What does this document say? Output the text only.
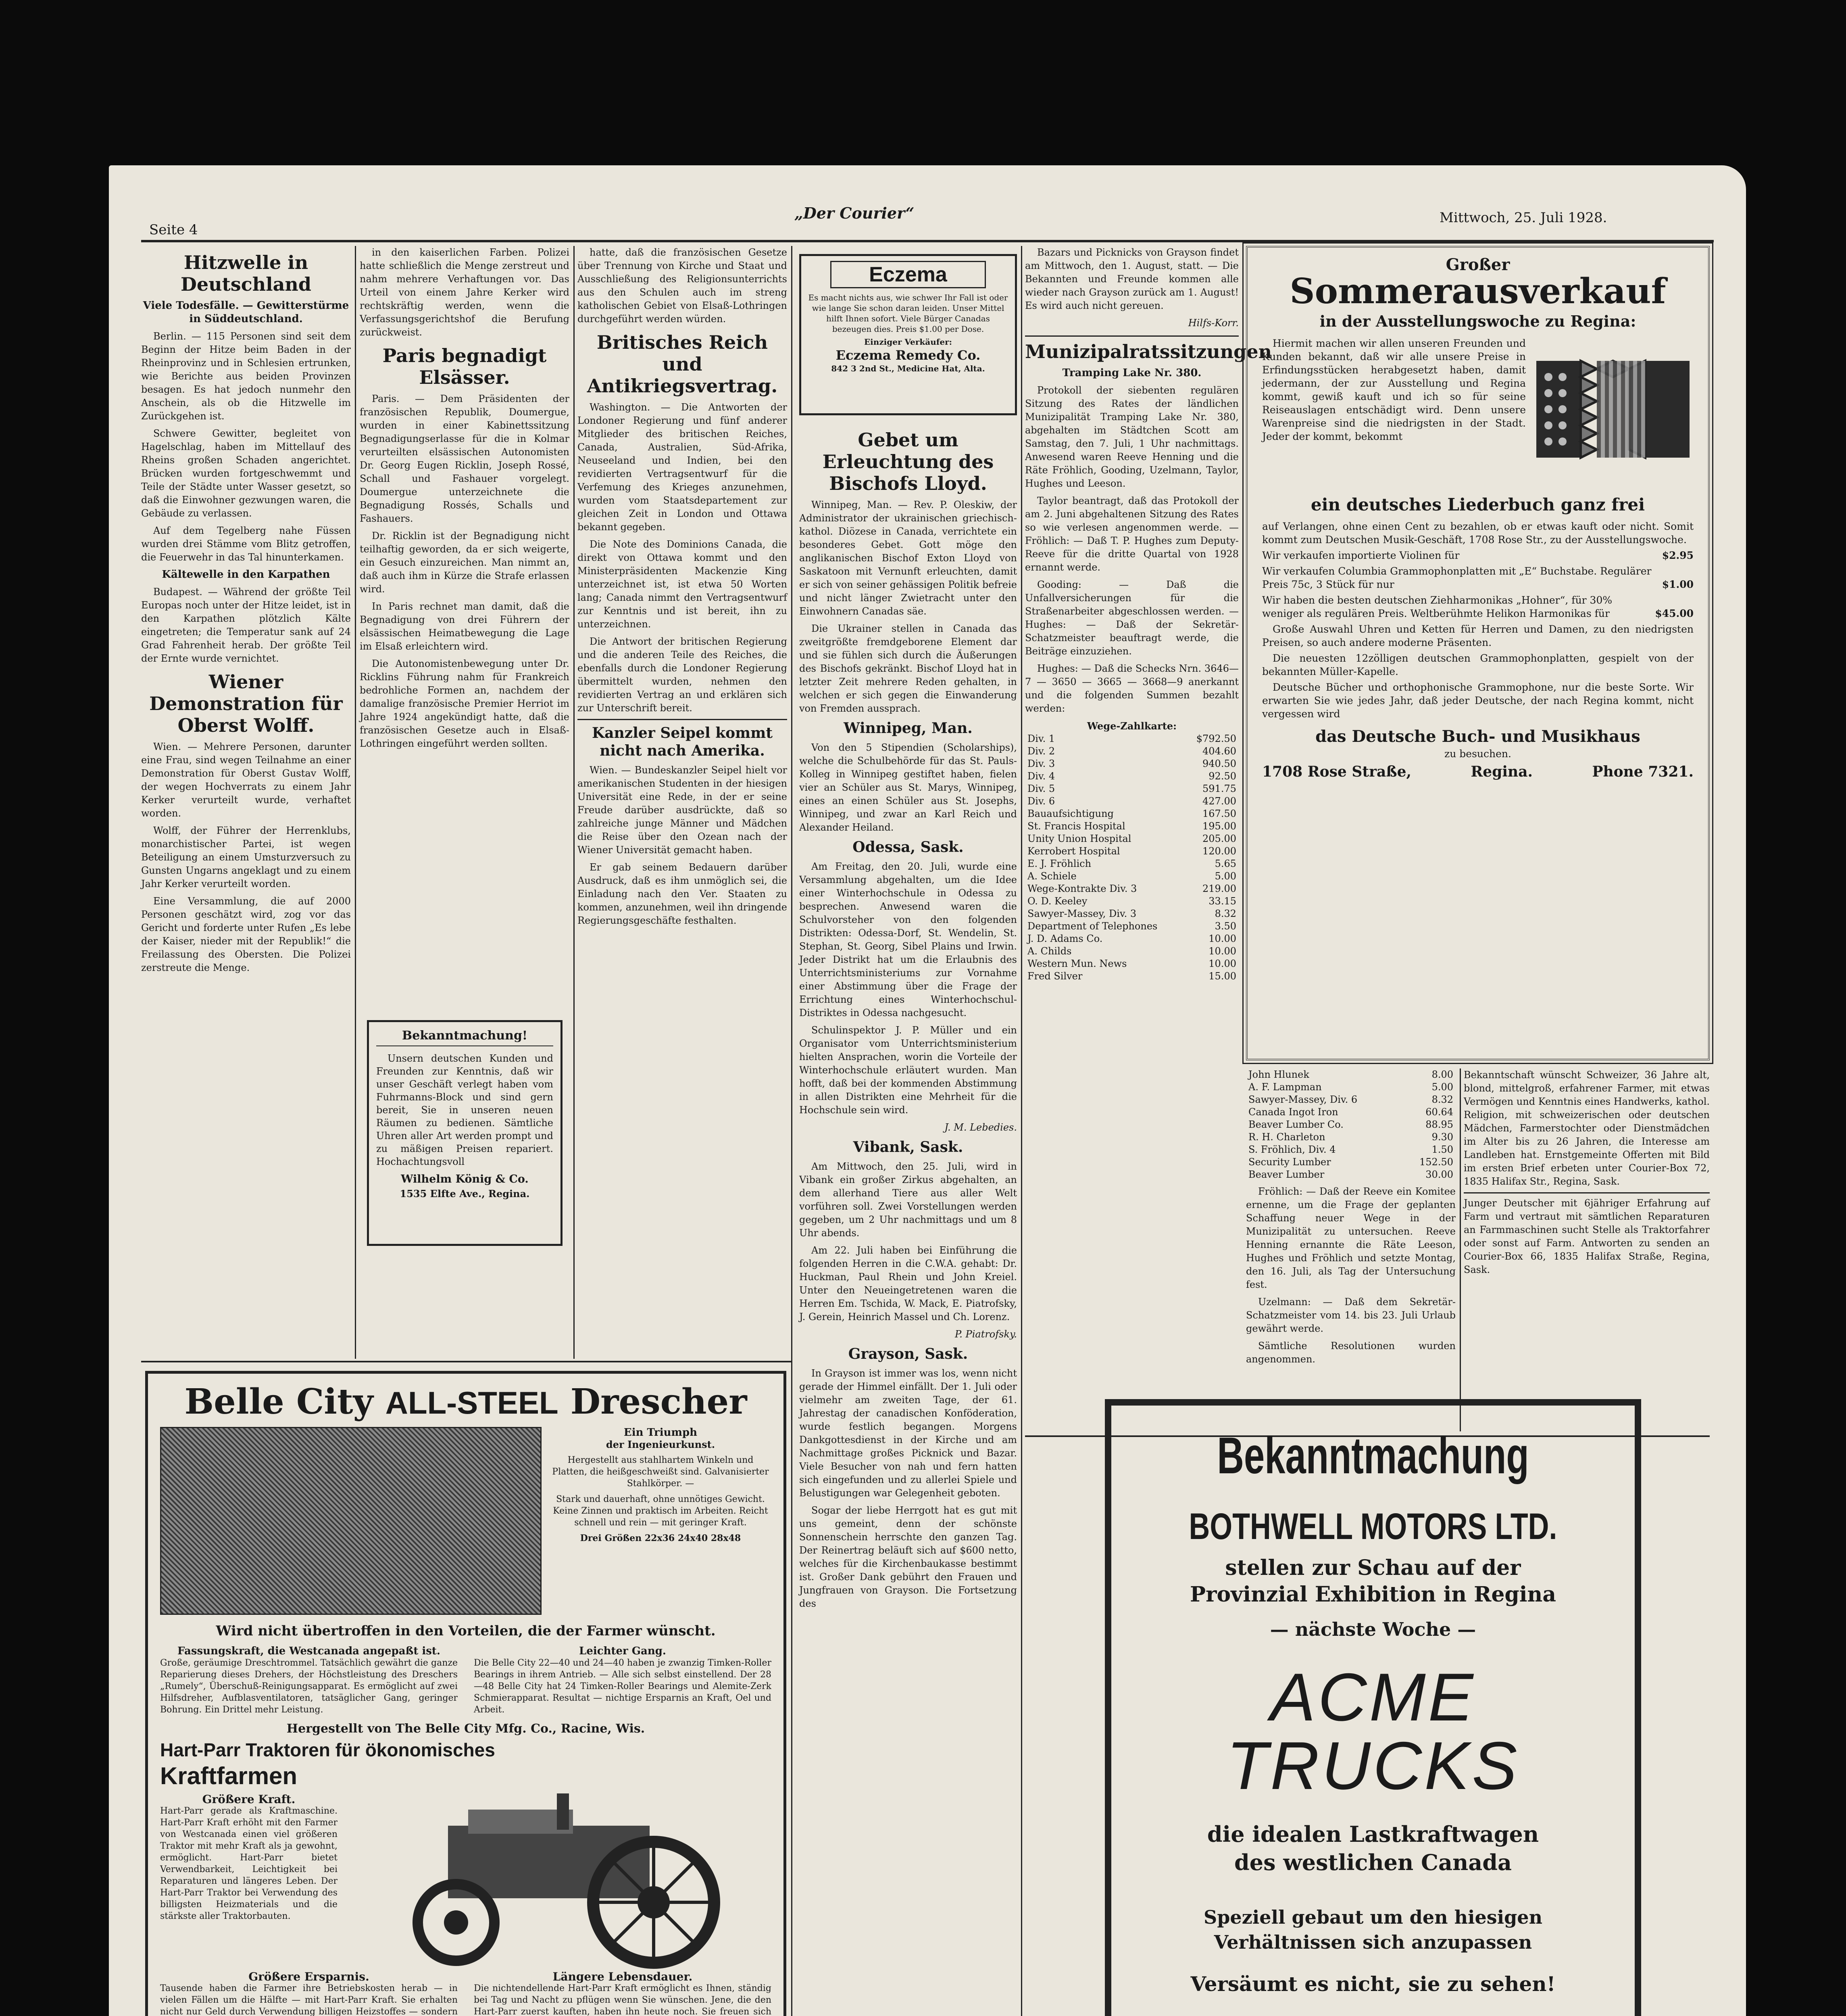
Seite 4
„Der Courier“	Mittwoch, 25. Juli 1928.
Hitzwelle in Deutschland
Viele Todesfälle. — Gewitterstürme in Süddeutschland.

Berlin. — 115 Personen sind seit dem Beginn der Hitze beim Baden in der Rheinprovinz und in Schlesien ertrunken, wie Berichte aus beiden Provinzen besagen. Es hat jedoch nunmehr den Anschein, als ob die Hitzwelle im Zurückgehen ist.

Schwere Gewitter, begleitet von Hagelschlag, haben im Mittellauf des Rheins großen Schaden angerichtet. Brücken wurden fortgeschwemmt und Teile der Städte unter Wasser gesetzt, so daß die Einwohner gezwungen waren, die Gebäude zu verlassen.

Auf dem Tegelberg nahe Füssen wurden drei Stämme vom Blitz getroffen, die Feuerwehr in das Tal hinunterkamen.

Kältewelle in den Karpathen

Budapest. — Während der größte Teil Europas noch unter der Hitze leidet, ist in den Karpathen plötzlich Kälte eingetreten; die Temperatur sank auf 24 Grad Fahrenheit herab. Der größte Teil der Ernte wurde vernichtet.

Wiener Demonstration für Oberst Wolff.

Wien. — Mehrere Personen, darunter eine Frau, sind wegen Teilnahme an einer Demonstration für Oberst Gustav Wolff, der wegen Hochverrats zu einem Jahr Kerker verurteilt wurde, verhaftet worden.

Wolff, der Führer der Herrenklubs, monarchistischer Partei, ist wegen Beteiligung an einem Umsturzversuch zu Gunsten Ungarns angeklagt und zu einem Jahr Kerker verurteilt worden.

Eine Versammlung, die auf 2000 Personen geschätzt wird, zog vor das Gericht und forderte unter Rufen „Es lebe der Kaiser, nieder mit der Republik!“ die Freilassung des Obersten. Die Polizei zerstreute die Menge.

in den kaiserlichen Farben. Polizei hatte schließlich die Menge zerstreut und nahm mehrere Verhaftungen vor. Das Urteil von einem Jahre Kerker wird rechtskräftig werden, wenn die Verfassungsgerichtshof die Berufung zurückweist.

Paris begnadigt Elsässer.

Paris. — Dem Präsidenten der französischen Republik, Doumergue, wurden in einer Kabinettssitzung Begnadigungserlasse für die in Kolmar verurteilten elsässischen Autonomisten Dr. Georg Eugen Ricklin, Joseph Rossé, Schall und Fashauer vorgelegt. Doumergue unterzeichnete die Begnadigung Rossés, Schalls und Fashauers.

Dr. Ricklin ist der Begnadigung nicht teilhaftig geworden, da er sich weigerte, ein Gesuch einzureichen. Man nimmt an, daß auch ihm in Kürze die Strafe erlassen wird.

In Paris rechnet man damit, daß die Begnadigung von drei Führern der elsässischen Heimatbewegung die Lage im Elsaß erleichtern wird.

Die Autonomistenbewegung unter Dr. Ricklins Führung nahm für Frankreich bedrohliche Formen an, nachdem der damalige französische Premier Herriot im Jahre 1924 angekündigt hatte, daß die französischen Gesetze auch in Elsaß-Lothringen eingeführt werden sollten.

Bekanntmachung!
Unsern deutschen Kunden und Freunden zur Kenntnis, daß wir unser Geschäft verlegt haben vom Fuhrmanns-Block und sind gern bereit, Sie in unseren neuen Räumen zu bedienen. Sämtliche Uhren aller Art werden prompt und zu mäßigen Preisen repariert. Hochachtungsvoll
Wilhelm König & Co.
1535 Elfte Ave., Regina.

hatte, daß die französischen Gesetze über Trennung von Kirche und Staat und Ausschließung des Religionsunterrichts aus den Schulen auch im streng katholischen Gebiet von Elsaß-Lothringen durchgeführt werden würden.

Britisches Reich und Antikriegsvertrag.

Washington. — Die Antworten der Londoner Regierung und fünf anderer Mitglieder des britischen Reiches, Canada, Australien, Süd-Afrika, Neuseeland und Indien, bei den revidierten Vertragsentwurf für die Verfemung des Krieges anzunehmen, wurden vom Staatsdepartement zur gleichen Zeit in London und Ottawa bekannt gegeben.

Die Note des Dominions Canada, die direkt von Ottawa kommt und den Ministerpräsidenten Mackenzie King unterzeichnet ist, ist etwa 50 Worten lang; Canada nimmt den Vertragsentwurf zur Kenntnis und ist bereit, ihn zu unterzeichnen.

Die Antwort der britischen Regierung und die anderen Teile des Reiches, die ebenfalls durch die Londoner Regierung übermittelt wurden, nehmen den revidierten Vertrag an und erklären sich zur Unterschrift bereit.

Kanzler Seipel kommt nicht nach Amerika.

Wien. — Bundeskanzler Seipel hielt vor amerikanischen Studenten in der hiesigen Universität eine Rede, in der er seine Freude darüber ausdrückte, daß so zahlreiche junge Männer und Mädchen die Reise über den Ozean nach der Wiener Universität gemacht haben.

Er gab seinem Bedauern darüber Ausdruck, daß es ihm unmöglich sei, die Einladung nach den Ver. Staaten zu kommen, anzunehmen, weil ihn dringende Regierungsgeschäfte festhalten.

Eczema
Es macht nichts aus, wie schwer Ihr Fall ist oder wie lange Sie schon daran leiden. Unser Mittel hilft Ihnen sofort. Viele Bürger Canadas bezeugen dies. Preis $1.00 per Dose.
Einziger Verkäufer:
Eczema Remedy Co.
842 3 2nd St., Medicine Hat, Alta.
Gebet um Erleuchtung des Bischofs Lloyd.

Winnipeg, Man. — Rev. P. Oleskiw, der Administrator der ukrainischen griechisch-kathol. Diözese in Canada, verrichtete ein besonderes Gebet. Gott möge den anglikanischen Bischof Exton Lloyd von Saskatoon mit Vernunft erleuchten, damit er sich von seiner gehässigen Politik befreie und nicht länger Zwietracht unter den Einwohnern Canadas säe.

Die Ukrainer stellen in Canada das zweitgrößte fremdgeborene Element dar und sie fühlen sich durch die Äußerungen des Bischofs gekränkt. Bischof Lloyd hat in letzter Zeit mehrere Reden gehalten, in welchen er sich gegen die Einwanderung von Fremden aussprach.

Winnipeg, Man.

Von den 5 Stipendien (Scholarships), welche die Schulbehörde für das St. Pauls-Kolleg in Winnipeg gestiftet haben, fielen vier an Schüler aus St. Marys, Winnipeg, eines an einen Schüler aus St. Josephs, Winnipeg, und zwar an Karl Reich und Alexander Heiland.

Odessa, Sask.

Am Freitag, den 20. Juli, wurde eine Versammlung abgehalten, um die Idee einer Winterhochschule in Odessa zu besprechen. Anwesend waren die Schulvorsteher von den folgenden Distrikten: Odessa-Dorf, St. Wendelin, St. Stephan, St. Georg, Sibel Plains und Irwin. Jeder Distrikt hat um die Erlaubnis des Unterrichtsministeriums zur Vornahme einer Abstimmung über die Frage der Errichtung eines Winterhochschul-Distriktes in Odessa nachgesucht.

Schulinspektor J. P. Müller und ein Organisator vom Unterrichtsministerium hielten Ansprachen, worin die Vorteile der Winterhochschule erläutert wurden. Man hofft, daß bei der kommenden Abstimmung in allen Distrikten eine Mehrheit für die Hochschule sein wird.

J. M. Lebedies.
Vibank, Sask.

Am Mittwoch, den 25. Juli, wird in Vibank ein großer Zirkus abgehalten, an dem allerhand Tiere aus aller Welt vorführen soll. Zwei Vorstellungen werden gegeben, um 2 Uhr nachmittags und um 8 Uhr abends.

Am 22. Juli haben bei Einführung die folgenden Herren in die C.W.A. gehabt: Dr. Huckman, Paul Rhein und John Kreiel. Unter den Neueingetretenen waren die Herren Em. Tschida, W. Mack, E. Piatrofsky, J. Gerein, Heinrich Massel und Ch. Lorenz.

P. Piatrofsky.
Grayson, Sask.

In Grayson ist immer was los, wenn nicht gerade der Himmel einfällt. Der 1. Juli oder vielmehr am zweiten Tage, der 61. Jahrestag der canadischen Konföderation, wurde festlich begangen. Morgens Dankgottesdienst in der Kirche und am Nachmittage großes Picknick und Bazar. Viele Besucher von nah und fern hatten sich eingefunden und zu allerlei Spiele und Belustigungen war Gelegenheit geboten.

Sogar der liebe Herrgott hat es gut mit uns gemeint, denn der schönste Sonnenschein herrschte den ganzen Tag. Der Reinertrag beläuft sich auf $600 netto, welches für die Kirchenbaukasse bestimmt ist. Großer Dank gebührt den Frauen und Jungfrauen von Grayson. Die Fortsetzung des

Bazars und Picknicks von Grayson findet am Mittwoch, den 1. August, statt. — Die Bekannten und Freunde kommen alle wieder nach Grayson zurück am 1. August! Es wird auch nicht gereuen.

Hilfs-Korr.
Munizipalratssitzungen
Tramping Lake Nr. 380.

Protokoll der siebenten regulären Sitzung des Rates der ländlichen Munizipalität Tramping Lake Nr. 380, abgehalten im Städtchen Scott am Samstag, den 7. Juli, 1 Uhr nachmittags. Anwesend waren Reeve Henning und die Räte Fröhlich, Gooding, Uzelmann, Taylor, Hughes und Leeson.

Taylor beantragt, daß das Protokoll der am 2. Juni abgehaltenen Sitzung des Rates so wie verlesen angenommen werde. — Fröhlich: — Daß T. P. Hughes zum Deputy-Reeve für die dritte Quartal von 1928 ernannt werde.

Gooding: — Daß die Unfallversicherungen für die Straßenarbeiter abgeschlossen werden. — Hughes: — Daß der Sekretär-Schatzmeister beauftragt werde, die Beiträge einzuziehen.

Hughes: — Daß die Schecks Nrn. 3646—7 — 3650 — 3665 — 3668—9 anerkannt und die folgenden Summen bezahlt werden:

Wege-Zahlkarte:
Div. 1	$792.50
Div. 2	404.60
Div. 3	940.50
Div. 4	92.50
Div. 5	591.75
Div. 6	427.00
Bauaufsichtigung	167.50
St. Francis Hospital	195.00
Unity Union Hospital	205.00
Kerrobert Hospital	120.00
E. J. Fröhlich	5.65
A. Schiele	5.00
Wege-Kontrakte Div. 3	219.00
O. D. Keeley	33.15
Sawyer-Massey, Div. 3	8.32
Department of Telephones	3.50
J. D. Adams Co.	10.00
A. Childs	10.00
Western Mun. News	10.00
Fred Silver	15.00
Großer
Sommerausverkauf
in der Ausstellungswoche zu Regina:
Hiermit machen wir allen unseren Freunden und Kunden bekannt, daß wir alle unsere Preise in Erfindungsstücken herabgesetzt haben, damit jedermann, der zur Ausstellung und Regina kommt, gewiß kauft und ich so für seine Reiseauslagen entschädigt wird. Denn unsere Warenpreise sind die niedrigsten in der Stadt. Jeder der kommt, bekommt
ein deutsches Liederbuch ganz frei
auf Verlangen, ohne einen Cent zu bezahlen, ob er etwas kauft oder nicht. Somit kommt zum Deutschen Musik-Geschäft, 1708 Rose Str., zu der Ausstellungswoche.
Wir verkaufen importierte Violinen für	$2.95
Wir verkaufen Columbia Grammophonplatten mit „E“ Buchstabe. Regulärer Preis 75c, 3 Stück für nur	$1.00
Wir haben die besten deutschen Ziehharmonikas „Hohner“, für 30% weniger als regulären Preis. Weltberühmte Helikon Harmonikas für	$45.00
Große Auswahl Uhren und Ketten für Herren und Damen, zu den niedrigsten Preisen, so auch andere moderne Präsenten.
Die neuesten 12zölligen deutschen Grammophonplatten, gespielt von der bekannten Müller-Kapelle.
Deutsche Bücher und orthophonische Grammophone, nur die beste Sorte. Wir erwarten Sie wie jedes Jahr, daß jeder Deutsche, der nach Regina kommt, nicht vergessen wird
das Deutsche Buch- und Musikhaus
zu besuchen.
1708 Rose Straße,	Regina.	Phone 7321.
John Hlunek	8.00
A. F. Lampman	5.00
Sawyer-Massey, Div. 6	8.32
Canada Ingot Iron	60.64
Beaver Lumber Co.	88.95
R. H. Charleton	9.30
S. Fröhlich, Div. 4	1.50
Security Lumber	152.50
Beaver Lumber	30.00

Fröhlich: — Daß der Reeve ein Komitee ernenne, um die Frage der geplanten Schaffung neuer Wege in der Munizipalität zu untersuchen. Reeve Henning ernannte die Räte Leeson, Hughes und Fröhlich und setzte Montag, den 16. Juli, als Tag der Untersuchung fest.

Uzelmann: — Daß dem Sekretär-Schatzmeister vom 14. bis 23. Juli Urlaub gewährt werde.

Sämtliche Resolutionen wurden angenommen.

Bekanntschaft wünscht Schweizer, 36 Jahre alt, blond, mittelgroß, erfahrener Farmer, mit etwas Vermögen und Kenntnis eines Handwerks, kathol. Religion, mit schweizerischen oder deutschen Mädchen, Farmerstochter oder Dienstmädchen im Alter bis zu 26 Jahren, die Interesse am Landleben hat. Ernstgemeinte Offerten mit Bild im ersten Brief erbeten unter Courier-Box 72, 1835 Halifax Str., Regina, Sask.

Junger Deutscher mit 6jähriger Erfahrung auf Farm und vertraut mit sämtlichen Reparaturen an Farmmaschinen sucht Stelle als Traktorfahrer oder sonst auf Farm. Antworten zu senden an Courier-Box 66, 1835 Halifax Straße, Regina, Sask.

Belle City ALL-STEEL Drescher
Ein Triumph
der Ingenieurkunst.
Hergestellt aus stahlhartem Winkeln und Platten, die heißgeschweißt sind. Galvanisierter Stahlkörper. —
Stark und dauerhaft, ohne unnötiges Gewicht. Keine Zinnen und praktisch im Arbeiten. Reicht schnell und rein — mit geringer Kraft.
Drei Größen 22x36 24x40 28x48
Wird nicht übertroffen in den Vorteilen, die der Farmer wünscht.
Fassungskraft, die Westcanada angepaßt ist.
Große, geräumige Dreschtrommel. Tatsächlich gewährt die ganze Reparierung dieses Drehers, der Höchstleistung des Dreschers „Rumely“, Überschuß-Reinigungsapparat. Es ermöglicht auf zwei Hilfsdreher, Aufblasventilatoren, tatsäglicher Gang, geringer Bohrung. Ein Drittel mehr Leistung.
Leichter Gang.
Die Belle City 22—40 und 24—40 haben je zwanzig Timken-Roller Bearings in ihrem Antrieb. — Alle sich selbst einstellend. Der 28—48 Belle City hat 24 Timken-Roller Bearings und Alemite-Zerk Schmierapparat. Resultat — nichtige Ersparnis an Kraft, Oel und Arbeit.
Hergestellt von The Belle City Mfg. Co., Racine, Wis.
Hart-Parr Traktoren für ökonomisches
Kraftfarmen
Größere Kraft.
Hart-Parr gerade als Kraftmaschine. Hart-Parr Kraft erhöht mit den Farmer von Westcanada einen viel größeren Traktor mit mehr Kraft als ja gewohnt, ermöglicht. Hart-Parr bietet Verwendbarkeit, Leichtigkeit bei Reparaturen und längeres Leben. Der Hart-Parr Traktor bei Verwendung des billigsten Heizmaterials und die stärkste aller Traktorbauten.
Größere Ersparnis.
Tausende haben die Farmer ihre Betriebskosten herab — in vielen Fällen um die Hälfte — mit Hart-Parr Kraft. Sie erhalten nicht nur Geld durch Verwendung billigen Heizstoffes — sondern
Längere Lebensdauer.
Die nichtendellende Hart-Parr Kraft ermöglicht es Ihnen, ständig bei Tag und Nacht zu pflügen wenn Sie wünschen. Jene, die den Hart-Parr zuerst kauften, haben ihn heute noch. Sie freuen sich
Bekanntmachung
BOTHWELL MOTORS LTD.
stellen zur Schau auf der
Provinzial Exhibition in Regina
— nächste Woche —
ACME
TRUCKS
die idealen Lastkraftwagen
des westlichen Canada
Speziell gebaut um den hiesigen
Verhältnissen sich anzupassen
Versäumt es nicht, sie zu sehen!
